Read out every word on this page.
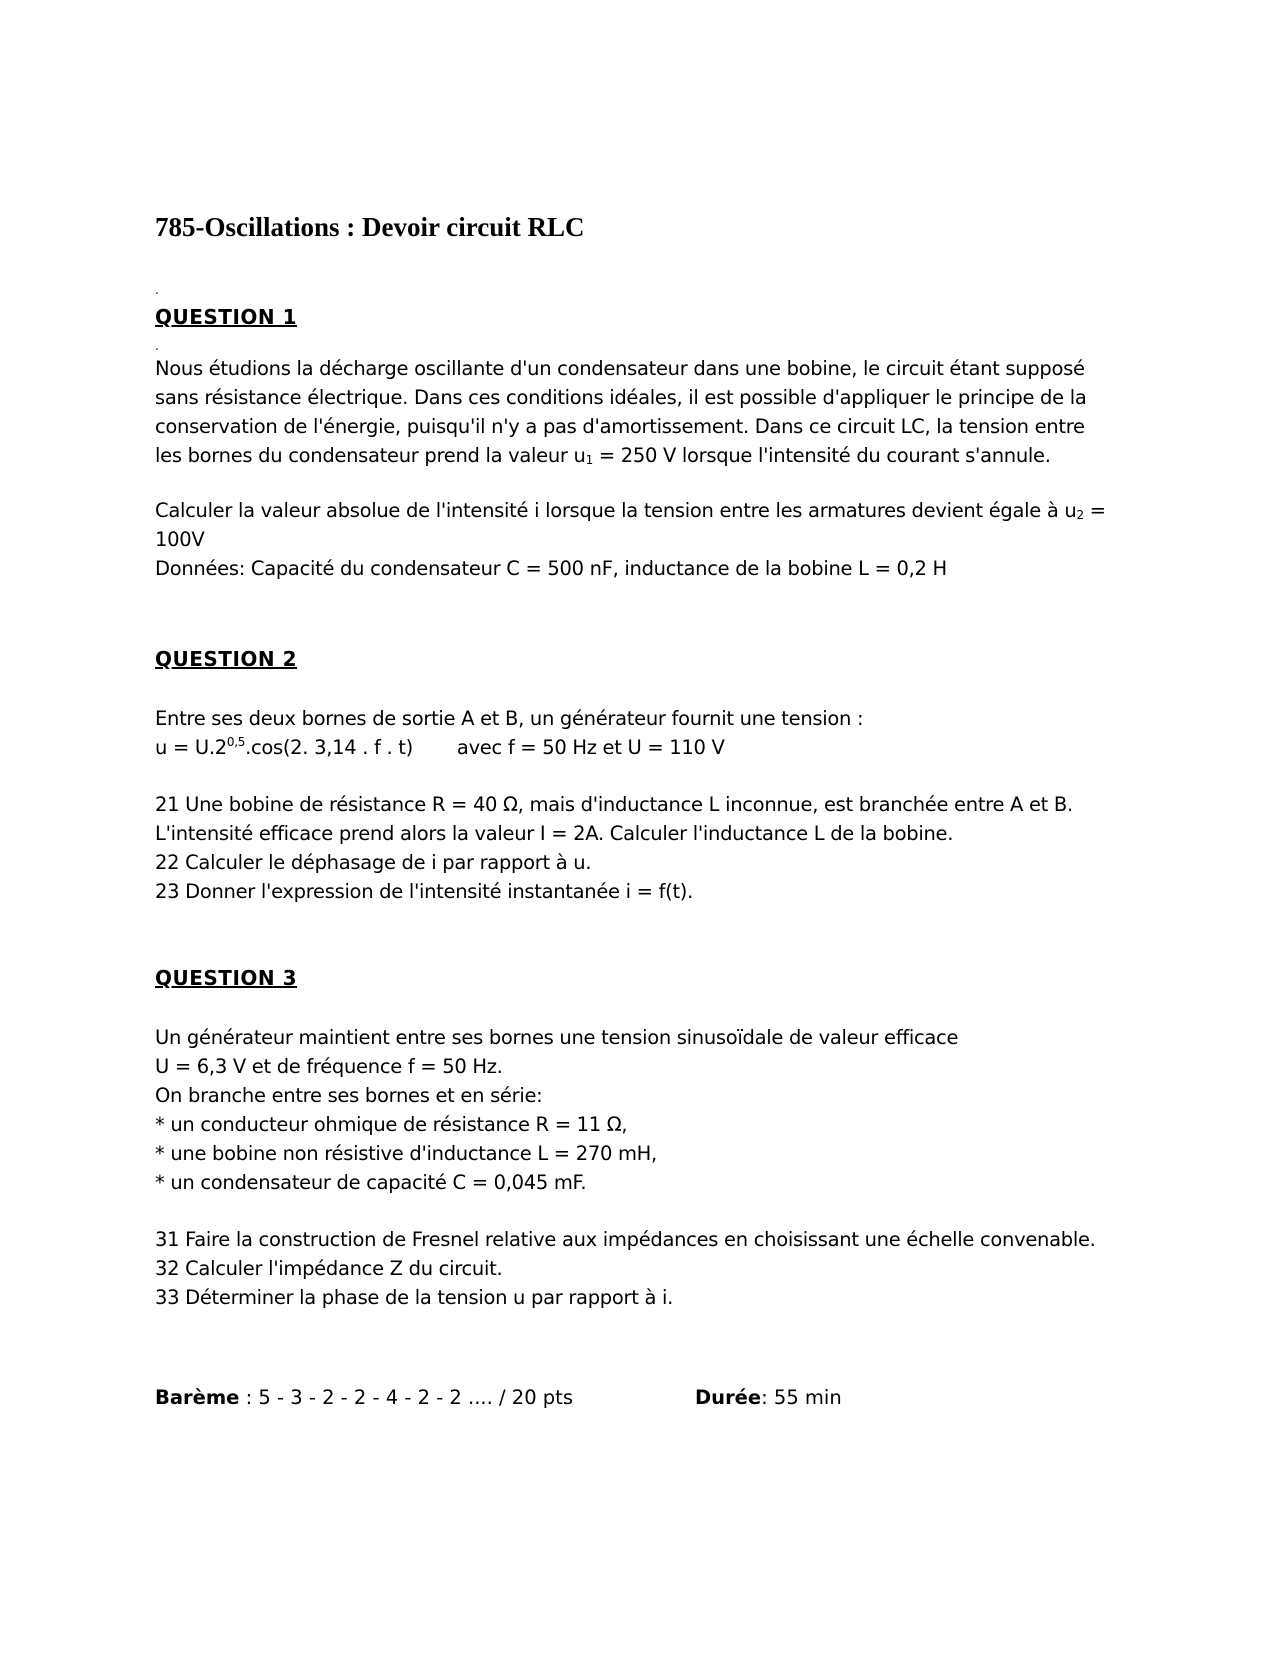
785-Oscillations : Devoir circuit RLC
.
QUESTION 1
.

Nous étudions la décharge oscillante d'un condensateur dans une bobine, le circuit étant supposé
sans résistance électrique. Dans ces conditions idéales, il est possible d'appliquer le principe de la
conservation de l'énergie, puisqu'il n'y a pas d'amortissement. Dans ce circuit LC, la tension entre
les bornes du condensateur prend la valeur $u_1 = 250$ V lorsque l'intensité du courant s'annule.

Calculer la valeur absolue de l'intensité i lorsque la tension entre les armatures devient égale à $u_2$ =
100V
Données: Capacité du condensateur C = 500 nF, inductance de la bobine L = 0,2 H

QUESTION 2

Entre ses deux bornes de sortie A et B, un générateur fournit une tension :
$u = U.2^{0,5}.\cos(2$. 3,14 . f . t) avec f = 50 Hz et U = 110 V

21 Une bobine de résistance R = 40 Ω, mais d'inductance L inconnue, est branchée entre A et B.
L'intensité efficace prend alors la valeur I = 2A. Calculer l'inductance L de la bobine.
22 Calculer le déphasage de i par rapport à u.
23 Donner l'expression de l'intensité instantanée i = f(t).

QUESTION 3

Un générateur maintient entre ses bornes une tension sinusoïdale de valeur efficace
U = 6,3 V et de fréquence f = 50 Hz.
On branche entre ses bornes et en série:
* un conducteur ohmique de résistance R = 11 Ω,
* une bobine non résistive d'inductance L = 270 mH,
* un condensateur de capacité C = 0,045 mF.

31 Faire la construction de Fresnel relative aux impédances en choisissant une échelle convenable.
32 Calculer l'impédance Z du circuit.
33 Déterminer la phase de la tension u par rapport à i.

Barème : 5 - 3 - 2 - 2 - 4 - 2 - 2 .... / 20 pts	Durée: 55 min
